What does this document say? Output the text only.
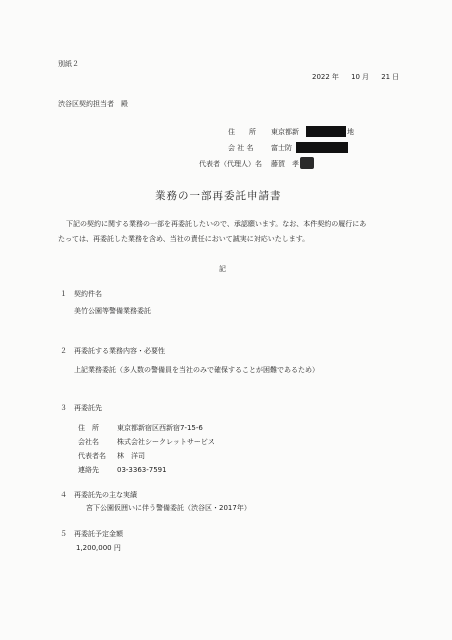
別紙２
2022 年 10 月 21 日
渋谷区契約担当者　殿
住　　所 東京都新	地
会 社 名	富士防
代表者（代理人）名 藤賀　孝
業務の一部再委託申請書
下記の契約に関する業務の一部を再委託したいので、承認願います。なお、本件契約の履行にあ
たっては、再委託した業務を含め、当社の責任において誠実に対応いたします。
記
１ 契約件名
美竹公園等警備業務委託
２ 再委託する業務内容・必要性
上記業務委託（多人数の警備員を当社のみで確保することが困難であるため）
３ 再委託先
住　所	東京都新宿区西新宿7-15-6
会社名	株式会社シークレットサービス
代表者名 林　洋司
連絡先	03-3363-7591
４ 再委託先の主な実績
宮下公園仮囲いに伴う警備委託（渋谷区・2017年）
５ 再委託予定金額
1,200,000 円
